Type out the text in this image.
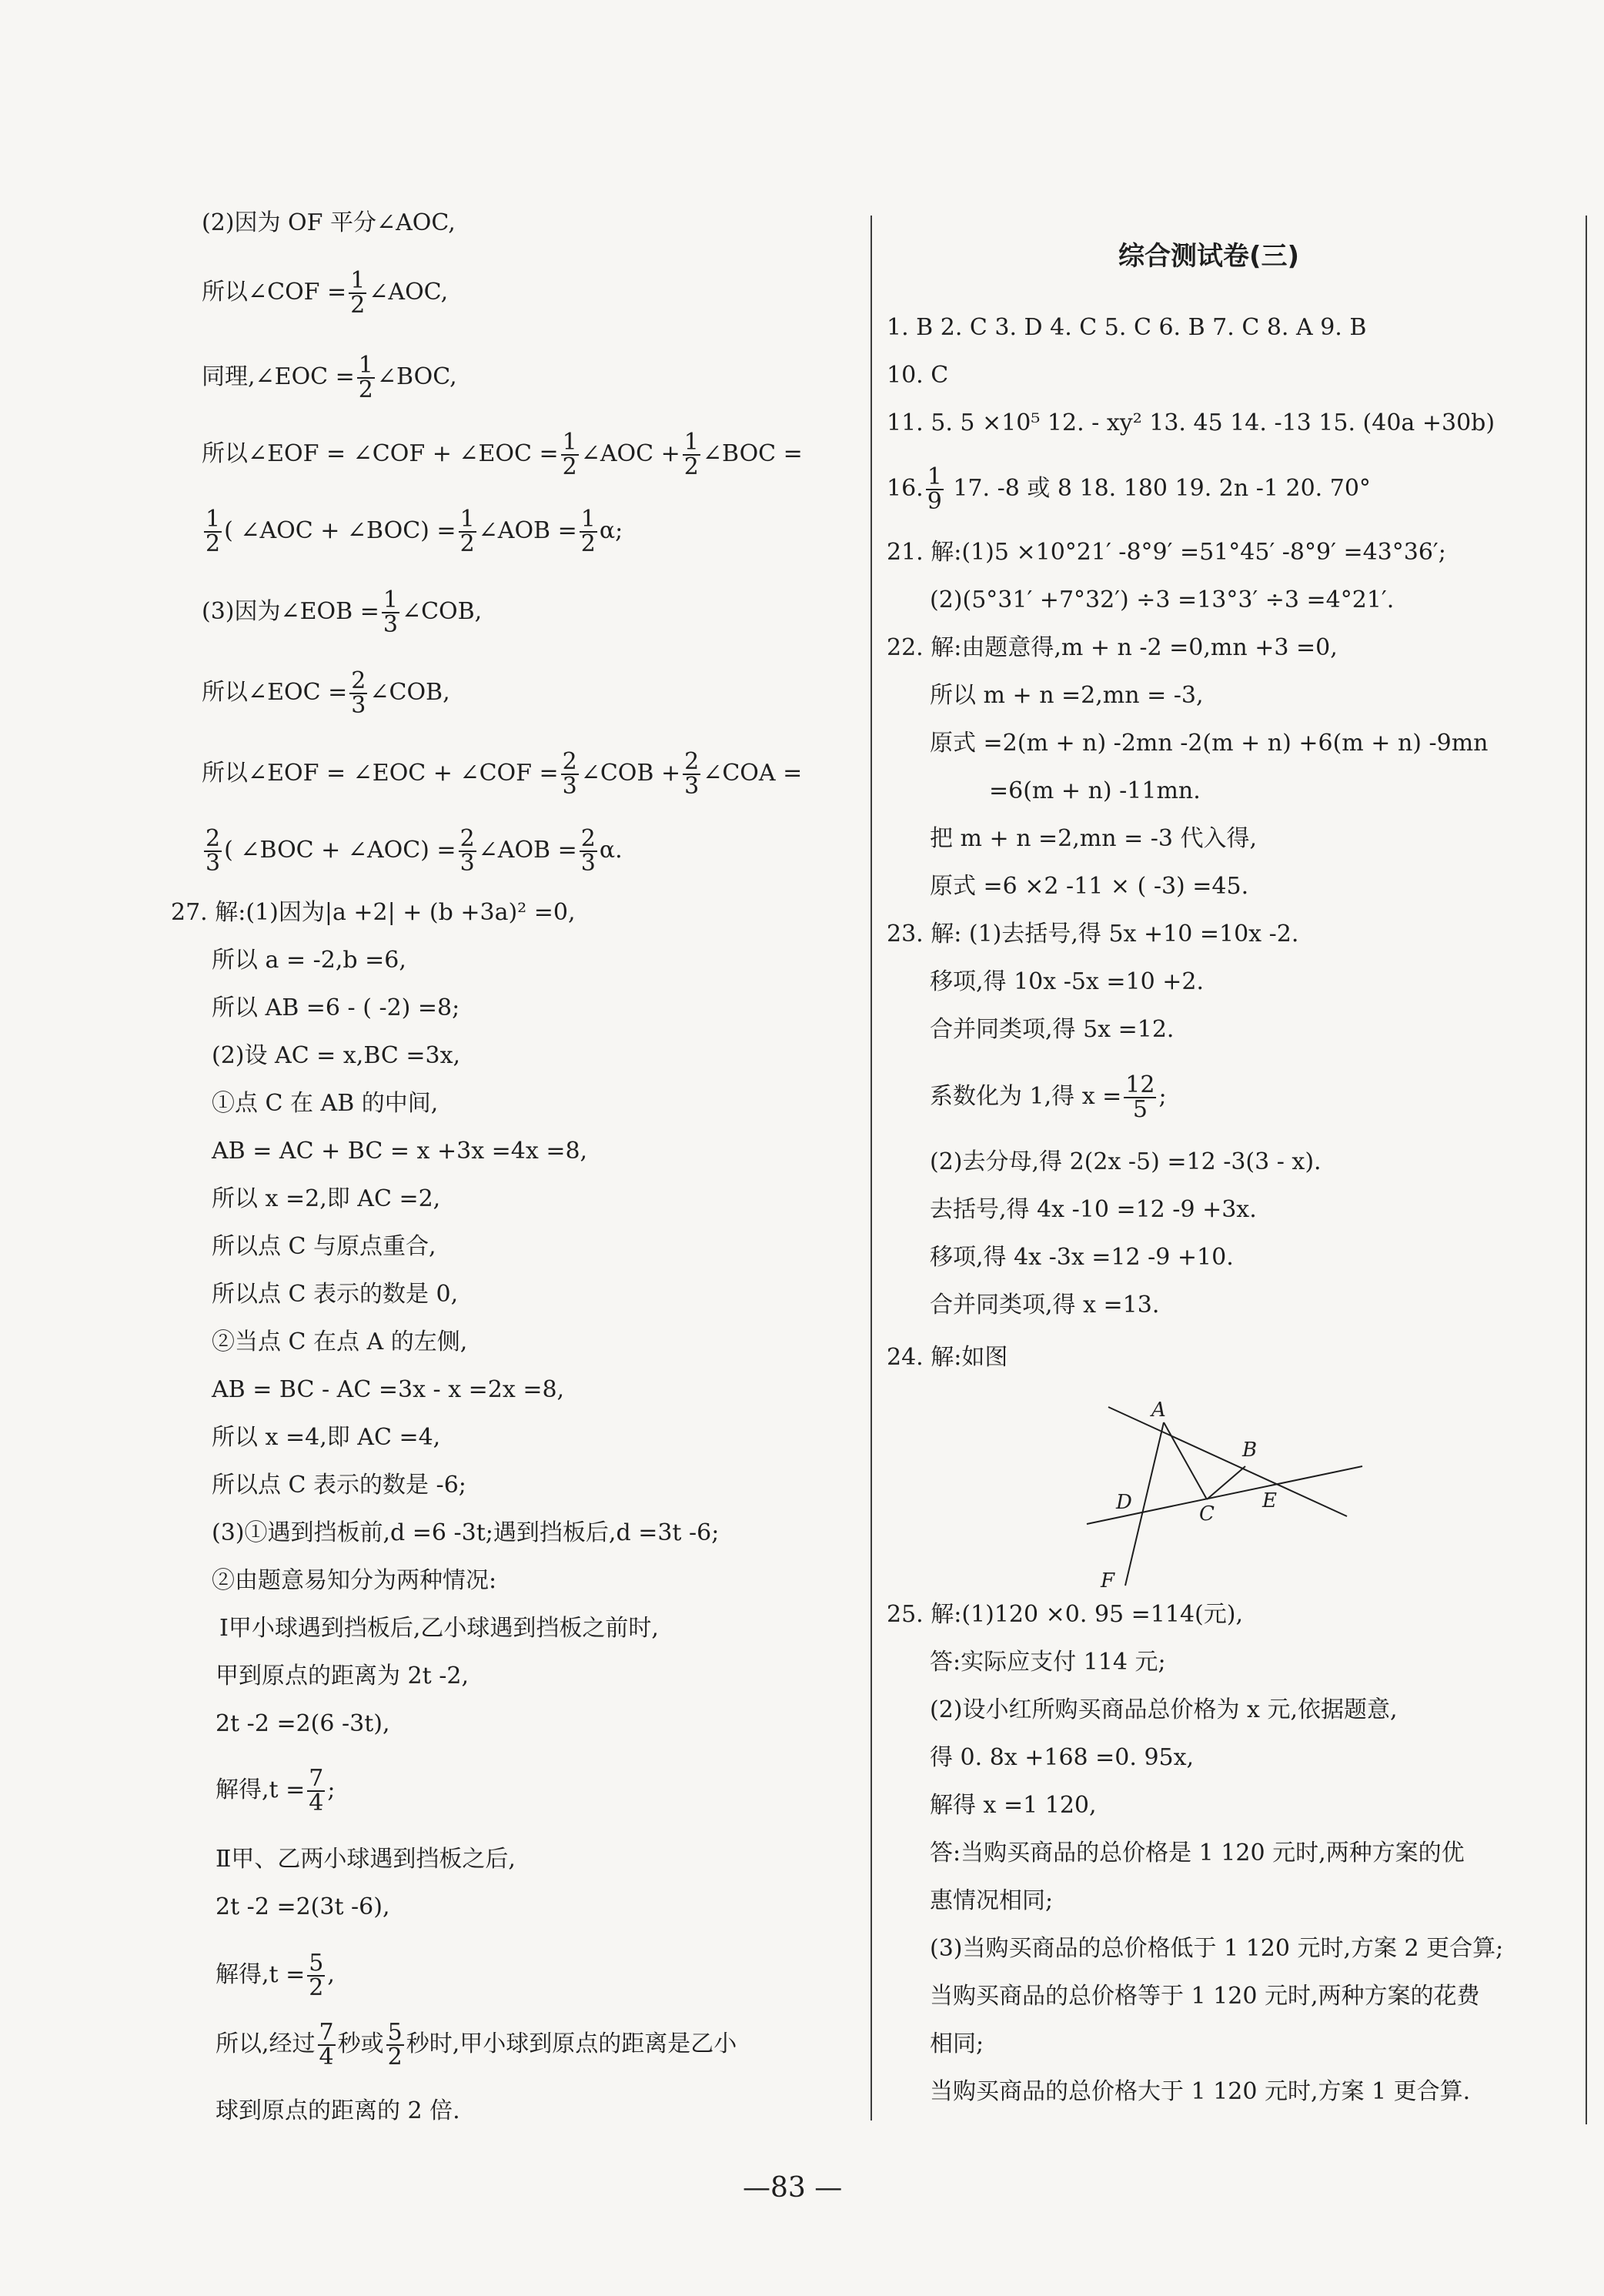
(2)因为 OF 平分∠AOC,
所以∠COF = $\frac{1}{2}$ ∠AOC,
同理,∠EOC = $\frac{1}{2}$ ∠BOC,
所以∠EOF = ∠COF + ∠EOC = $\frac{1}{2}$ ∠AOC + $\frac{1}{2}$ ∠BOC =
$\frac{1}{2}$ ( ∠AOC + ∠BOC) = $\frac{1}{2}$ ∠AOB = $\frac{1}{2} \alpha$;
(3)因为∠EOB = $\frac{1}{3}$ ∠COB,
所以∠EOC = $\frac{2}{3}$ ∠COB,
所以∠EOF = ∠EOC + ∠COF = $\frac{2}{3}$ ∠COB + $\frac{2}{3}$ ∠COA =
$\frac{2}{3}$ ( ∠BOC + ∠AOC) = $\frac{2}{3}$ ∠AOB = $\frac{2}{3} \alpha$.
27. 解:(1)因为|a +2| + (b +3a)² =0,
所以 a = -2,b =6,
所以 AB =6 - ( -2) =8;
(2)设 AC = x,BC =3x,
①点 C 在 AB 的中间,
AB = AC + BC = x +3x =4x =8,
所以 x =2,即 AC =2,
所以点 C 与原点重合,
所以点 C 表示的数是 0,
②当点 C 在点 A 的左侧,
AB = BC - AC =3x - x =2x =8,
所以 x =4,即 AC =4,
所以点 C 表示的数是 -6;
(3)①遇到挡板前,d =6 -3t;遇到挡板后,d =3t -6;
②由题意易知分为两种情况:
Ⅰ甲小球遇到挡板后,乙小球遇到挡板之前时,
甲到原点的距离为 2t -2,
2t -2 =2(6 -3t),
解得$,t = \frac{7}{4}$ ;
Ⅱ甲、乙两小球遇到挡板之后,
2t -2 =2(3t -6),
解得$,t = \frac{5}{2}$ ,
所以,经过 $\frac{7}{4}$ 秒或 $\frac{5}{2}$ 秒时,甲小球到原点的距离是乙小
球到原点的距离的 2 倍.
综合测试卷(三)
1. B 2. C 3. D 4. C 5. C 6. B 7. C 8. A 9. B
10. C
11. 5. 5 ×10⁵ 12. - xy² 13. 45 14. -13 15. (40a +30b)
16. $\frac{1}{9} 17$. -8 或 8 18. 180 19. 2n -1 20. 70°
21. 解:(1)5 ×10°21′ -8°9′ =51°45′ -8°9′ =43°36′;
(2)(5°31′ +7°32′) ÷3 =13°3′ ÷3 =4°21′.
22. 解:由题意得,m + n -2 =0,mn +3 =0,
所以 m + n =2,mn = -3,
原式 =2(m + n) -2mn -2(m + n) +6(m + n) -9mn
=6(m + n) -11mn.
把 m + n =2,mn = -3 代入得,
原式 =6 ×2 -11 × ( -3) =45.
23. 解: (1)去括号,得 5x +10 =10x -2.
移项,得 10x -5x =10 +2.
合并同类项,得 5x =12.
系数化为 1,得 $x = \frac{12}{5}$ ;
(2)去分母,得 2(2x -5) =12 -3(3 - x).
去括号,得 4x -10 =12 -9 +3x.
移项,得 4x -3x =12 -9 +10.
合并同类项,得 x =13.
24. 解:如图
A
B
C
D	E
F
25. 解:(1)120 ×0. 95 =114(元),
答:实际应支付 114 元;
(2)设小红所购买商品总价格为 x 元,依据题意,
得 0. 8x +168 =0. 95x,
解得 x =1 120,
答:当购买商品的总价格是 1 120 元时,两种方案的优
惠情况相同;
(3)当购买商品的总价格低于 1 120 元时,方案 2 更合算;
当购买商品的总价格等于 1 120 元时,两种方案的花费
相同;
当购买商品的总价格大于 1 120 元时,方案 1 更合算.
—83 —
